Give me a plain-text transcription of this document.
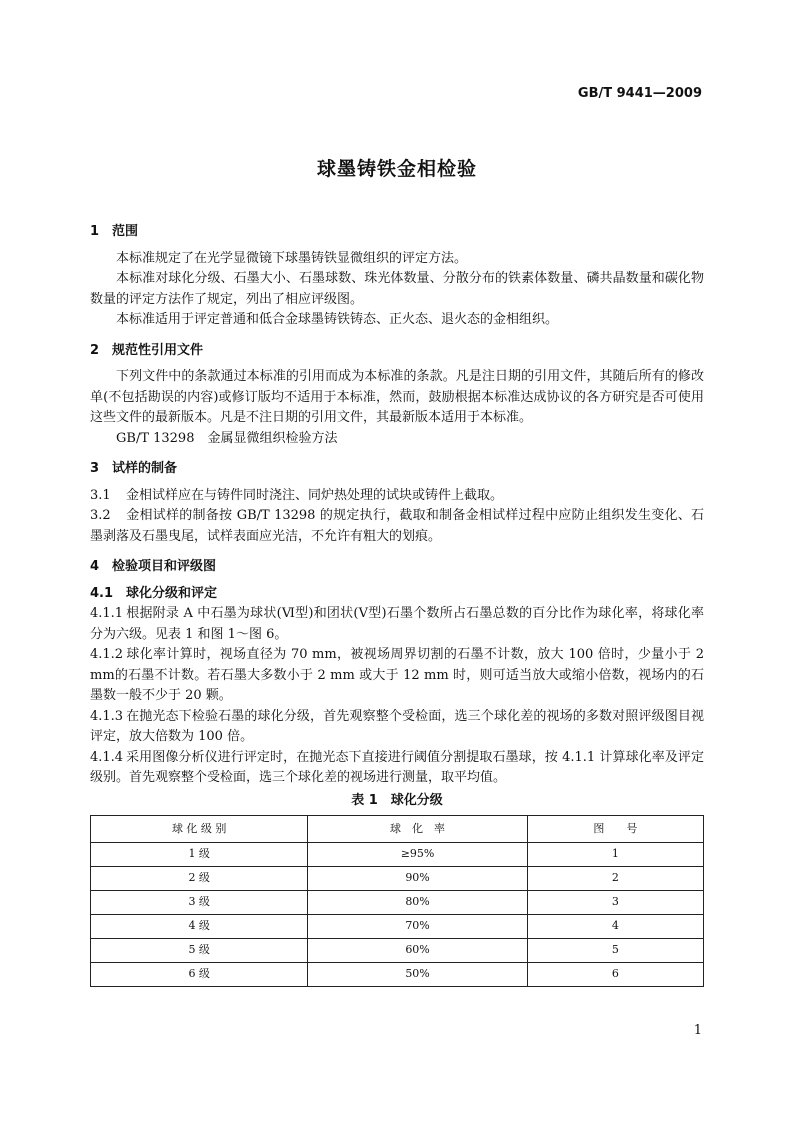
GB/T 9441—2009
球墨铸铁金相检验
1 范围

本标准规定了在光学显微镜下球墨铸铁显微组织的评定方法。

本标准对球化分级、石墨大小、石墨球数、珠光体数量、分散分布的铁素体数量、磷共晶数量和碳化物数量的评定方法作了规定，列出了相应评级图。

本标准适用于评定普通和低合金球墨铸铁铸态、正火态、退火态的金相组织。

2 规范性引用文件

下列文件中的条款通过本标准的引用而成为本标准的条款。凡是注日期的引用文件，其随后所有的修改单(不包括勘误的内容)或修订版均不适用于本标准，然而，鼓励根据本标准达成协议的各方研究是否可使用这些文件的最新版本。凡是不注日期的引用文件，其最新版本适用于本标准。

GB/T 13298　金属显微组织检验方法

3 试样的制备

3.1 金相试样应在与铸件同时浇注、同炉热处理的试块或铸件上截取。

3.2 金相试样的制备按 GB/T 13298 的规定执行，截取和制备金相试样过程中应防止组织发生变化、石墨剥落及石墨曳尾，试样表面应光洁，不允许有粗大的划痕。

4 检验项目和评级图
4.1 球化分级和评定

4.1.1 根据附录 A 中石墨为球状(Ⅵ型)和团状(Ⅴ型)石墨个数所占石墨总数的百分比作为球化率，将球化率分为六级。见表 1 和图 1～图 6。

4.1.2 球化率计算时，视场直径为 70 mm，被视场周界切割的石墨不计数，放大 100 倍时，少量小于 2 mm的石墨不计数。若石墨大多数小于 2 mm 或大于 12 mm 时，则可适当放大或缩小倍数，视场内的石墨数一般不少于 20 颗。

4.1.3 在抛光态下检验石墨的球化分级，首先观察整个受检面，选三个球化差的视场的多数对照评级图目视评定，放大倍数为 100 倍。

4.1.4 采用图像分析仪进行评定时，在抛光态下直接进行阈值分割提取石墨球，按 4.1.1 计算球化率及评定级别。首先观察整个受检面，选三个球化差的视场进行测量，取平均值。

表 1　球化分级
球 化 级 别	球　化　率	图　　号
1 级	≥95%	1
2 级	90%	2
3 级	80%	3
4 级	70%	4
5 级	60%	5
6 级	50%	6
1
